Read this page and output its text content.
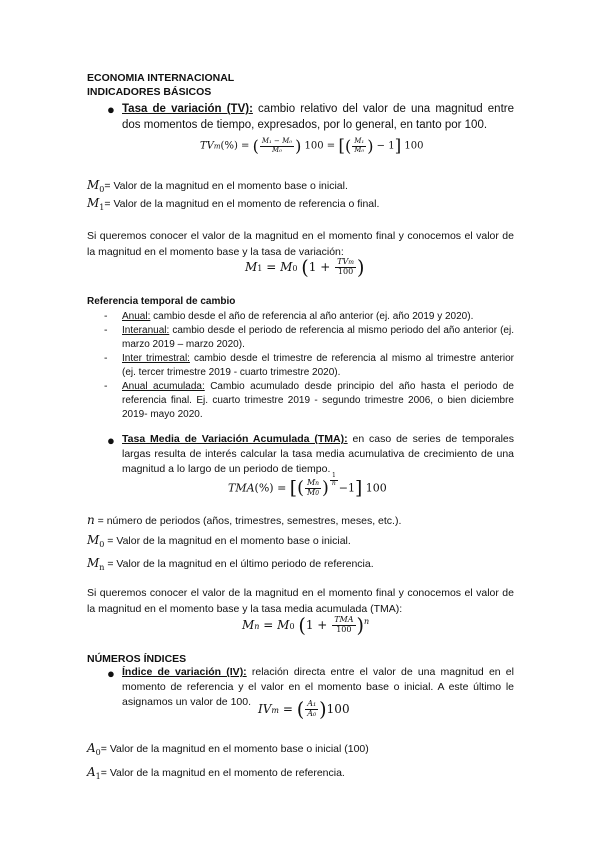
ECONOMIA INTERNACIONAL
INDICADORES BÁSICOS
● Tasa de variación (TV): cambio relativo del valor de una magnitud entre dos momentos de tiempo, expresados, por lo general, en tanto por 100.
TVm(%) = ( $\frac{\text{M₁ − M₀}}{\text{M₀}}$ ) 100 = [( $\frac{\text{M₁}}{\text{M₀}}$ ) − 1] 100
$M_0=$ Valor de la magnitud en el momento base o inicial.
$M_1=$ Valor de la magnitud en el momento de referencia o final.
Si queremos conocer el valor de la magnitud en el momento final y conocemos el valor de la magnitud en el momento base y la tasa de variación:
M1 = M0 ($1 + \frac{\text{TVm}}{100}$ )
Referencia temporal de cambio
- Anual: cambio desde el año de referencia al año anterior (ej. año 2019 y 2020).
- Interanual: cambio desde el periodo de referencia al mismo periodo del año anterior (ej. marzo 2019 – marzo 2020).
- Inter trimestral: cambio desde el trimestre de referencia al mismo al trimestre anterior (ej. tercer trimestre 2019 - cuarto trimestre 2020).
- Anual acumulada: Cambio acumulado desde principio del año hasta el periodo de referencia final. Ej. cuarto trimestre 2019 - segundo trimestre 2006, o bien diciembre 2019- mayo 2020.
● Tasa Media de Variación Acumulada (TMA): en caso de series de temporales largas resulta de interés calcular la tasa media acumulativa de crecimiento de una magnitud a lo largo de un periodo de tiempo.
TMA(%) = [( $\frac{Mn}{M0}$ ) $^{\frac{1}{n}}$
−1] 100
n = número de periodos (años, trimestres, semestres, meses, etc.).
$M_0$ = Valor de la magnitud en el momento base o inicial.
$M_n$ = Valor de la magnitud en el último periodo de referencia.
Si queremos conocer el valor de la magnitud en el momento final y conocemos el valor de la magnitud en el momento base y la tasa media acumulada (TMA):
Mn = M0 $(1 + \frac{\text{TMA}}{100} )^n$
NÚMEROS ÍNDICES
● Índice de variación (IV): relación directa entre el valor de una magnitud en el momento de referencia y el valor en el momento base o inicial. A este último le asignamos un valor de 100. IVm = ( $\frac{\text{A₁}}{\text{A₀}} )100$
$A_0=$ Valor de la magnitud en el momento base o inicial (100)
$A_1=$ Valor de la magnitud en el momento de referencia.
